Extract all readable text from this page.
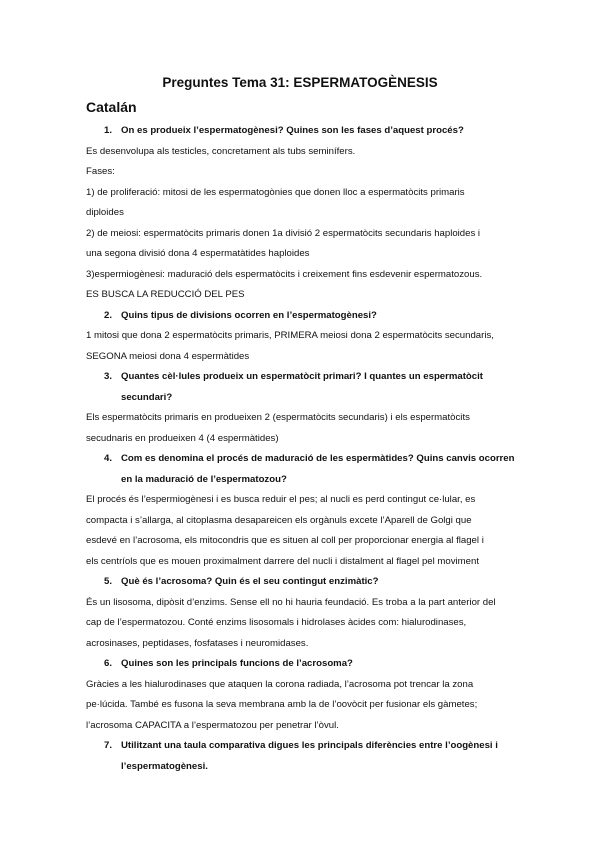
Preguntes Tema 31: ESPERMATOGÈNESIS
Catalán
1. On es produeix l’espermatogènesi? Quines son les fases d’aquest procés?
Es desenvolupa als testicles, concretament als tubs seminífers.
Fases:
1) de proliferació: mitosi de les espermatogònies que donen lloc a espermatòcits primaris
diploides
2) de meiosi: espermatòcits primaris donen 1a divisió 2 espermatòcits secundaris haploides i
una segona divisió dona 4 espermatàtides haploides
3)espermiogènesi: maduració dels espermatòcits i creixement fins esdevenir espermatozous.
ES BUSCA LA REDUCCIÓ DEL PES
2. Quins tipus de divisions ocorren en l’espermatogènesi?
1 mitosi que dona 2 espermatòcits primaris, PRIMERA meiosi dona 2 espermatòcits secundaris,
SEGONA meiosi dona 4 espermàtides
3. Quantes cèl·lules produeix un espermatòcit primari? I quantes un espermatòcit
secundari?
Els espermatòcits primaris en produeixen 2 (espermatòcits secundaris) i els espermatòcits
secudnaris en produeixen 4 (4 espermàtides)
4. Com es denomina el procés de maduració de les espermàtides? Quins canvis ocorren
en la maduració de l’espermatozou?
El procés és l’espermiogènesi i es busca reduir el pes; al nucli es perd contingut ce·lular, es
compacta i s’allarga, al citoplasma desapareicen els orgànuls excete l’Aparell de Golgi que
esdevé en l’acrosoma, els mitocondris que es situen al coll per proporcionar energia al flagel i
els centríols que es mouen proximalment darrere del nucli i distalment al flagel pel moviment
5. Què és l’acrosoma? Quin és el seu contingut enzimàtic?
És un lisosoma, dipòsit d’enzims. Sense ell no hi hauria feundació. Es troba a la part anterior del
cap de l’espermatozou. Conté enzims lisosomals i hidrolases àcides com: hialurodinases,
acrosinases, peptidases, fosfatases i neuromidases.
6. Quines son les principals funcions de l’acrosoma?
Gràcies a les hialurodinases que ataquen la corona radiada, l’acrosoma pot trencar la zona
pe·lúcida. També es fusona la seva membrana amb la de l’oovòcit per fusionar els gàmetes;
l’acrosoma CAPACITA a l’espermatozou per penetrar l’òvul.
7. Utilitzant una taula comparativa digues les principals diferències entre l’oogènesi i
l’espermatogènesi.
